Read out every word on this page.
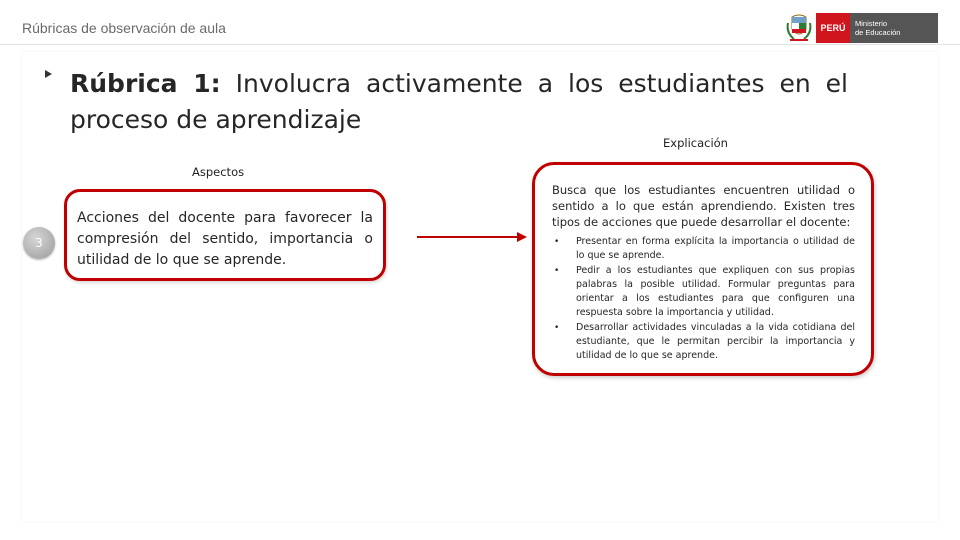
Rúbricas de observación de aula	PERÚ	Ministerio
de Educación
Rúbrica 1: Involucra activamente a los estudiantes en el proceso de aprendizaje
Explicación
Aspectos
3
Acciones del docente para favorecer la compresión del sentido, importancia o utilidad de lo que se aprende.
Busca que los estudiantes encuentren utilidad o sentido a lo que están aprendiendo. Existen tres tipos de acciones que puede desarrollar el docente:
• Presentar en forma explícita la importancia o utilidad de lo que se aprende.
• Pedir a los estudiantes que expliquen con sus propias palabras la posible utilidad. Formular preguntas para orientar a los estudiantes para que configuren una respuesta sobre la importancia y utilidad.
• Desarrollar actividades vinculadas a la vida cotidiana del estudiante, que le permitan percibir la importancia y utilidad de lo que se aprende.
